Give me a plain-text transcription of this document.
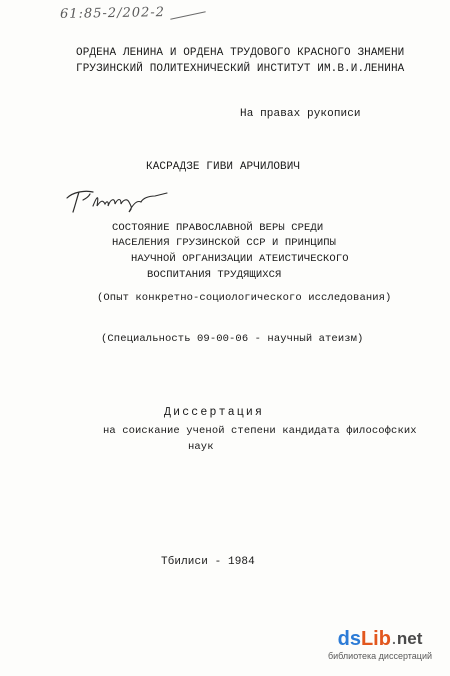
61:85-2/202-2
ОРДЕНА ЛЕНИНА И ОРДЕНА ТРУДОВОГО КРАСНОГО ЗНАМЕНИ
ГРУЗИНСКИЙ ПОЛИТЕХНИЧЕСКИЙ ИНСТИТУТ ИМ.В.И.ЛЕНИНА
На правах рукописи
КАСРАДЗЕ ГИВИ АРЧИЛОВИЧ
СОСТОЯНИЕ ПРАВОСЛАВНОЙ ВЕРЫ СРЕДИ
НАСЕЛЕНИЯ ГРУЗИНСКОЙ ССР И ПРИНЦИПЫ
НАУЧНОЙ ОРГАНИЗАЦИИ АТЕИСТИЧЕСКОГО
ВОСПИТАНИЯ ТРУДЯЩИХСЯ
(Опыт конкретно-социологического исследования)
(Специальность 09-00-06 - научный атеизм)
Диссертация
на соискание ученой степени кандидата философских
наук
Тбилиси - 1984
ds Lib . net
библиотека диссертаций
